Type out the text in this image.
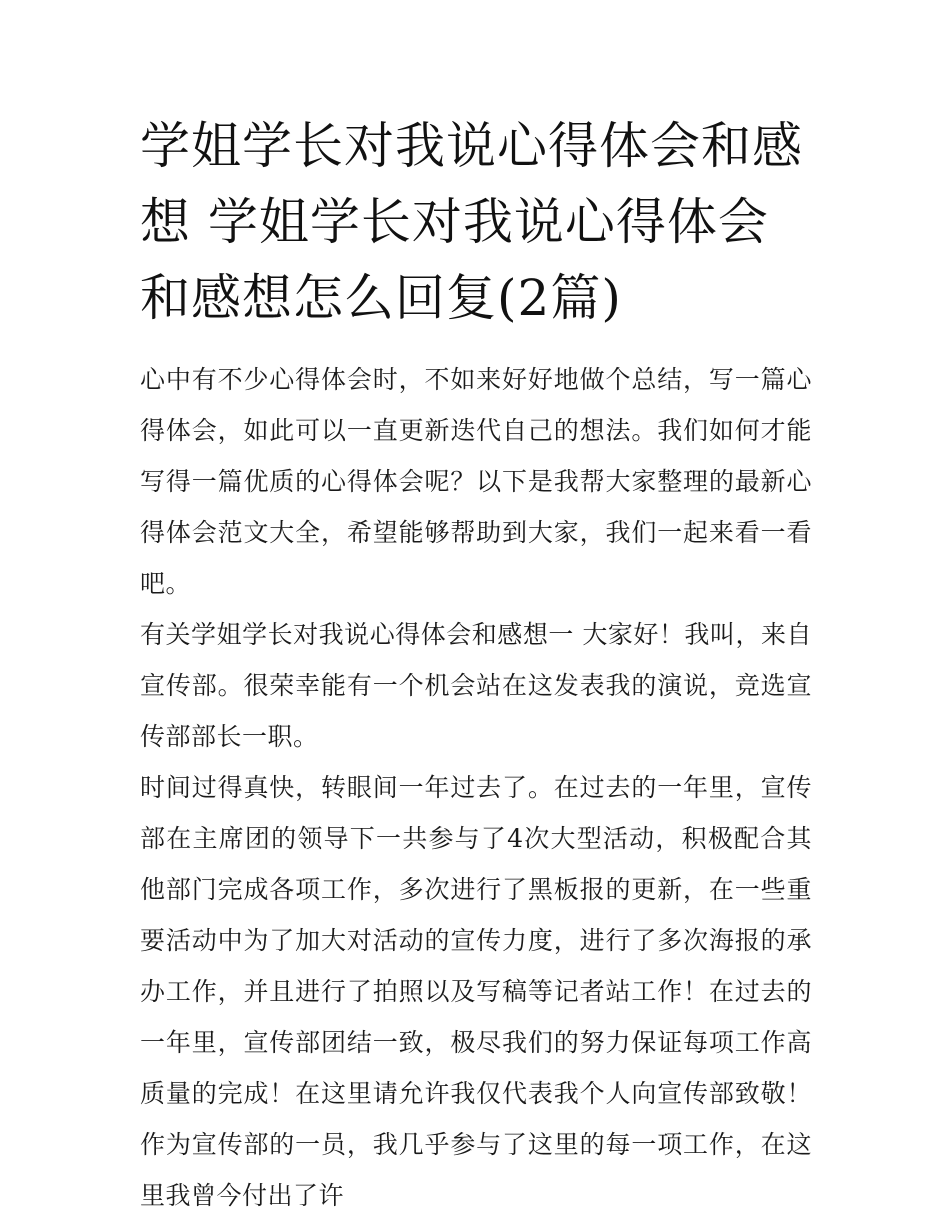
学姐学长对我说心得体会和感想 学姐学长对我说心得体会和感想怎么回复(2篇)

心中有不少心得体会时，不如来好好地做个总结，写一篇心得体会，如此可以一直更新迭代自己的想法。我们如何才能写得一篇优质的心得体会呢？以下是我帮大家整理的最新心得体会范文大全，希望能够帮助到大家，我们一起来看一看吧。

有关学姐学长对我说心得体会和感想一 大家好！我叫，来自宣传部。很荣幸能有一个机会站在这发表我的演说，竞选宣传部部长一职。

时间过得真快，转眼间一年过去了。在过去的一年里，宣传部在主席团的领导下一共参与了4次大型活动，积极配合其他部门完成各项工作，多次进行了黑板报的更新，在一些重要活动中为了加大对活动的宣传力度，进行了多次海报的承办工作，并且进行了拍照以及写稿等记者站工作！在过去的一年里，宣传部团结一致，极尽我们的努力保证每项工作高质量的完成！在这里请允许我仅代表我个人向宣传部致敬！作为宣传部的一员，我几乎参与了这里的每一项工作，在这里我曾今付出了许
